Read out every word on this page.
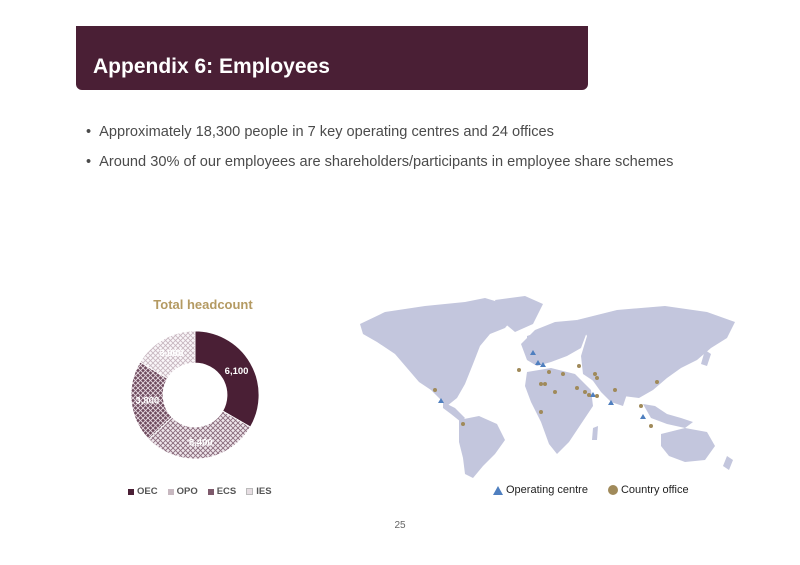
Appendix 6: Employees
• Approximately 18,300 people in 7 key operating centres and 24 offices
• Around 30% of our employees are shareholders/participants in employee share schemes
Total headcount
6,100
5,400
3,800
3,000
OEC OPO ECS IES	Operating centre	Country office
25
